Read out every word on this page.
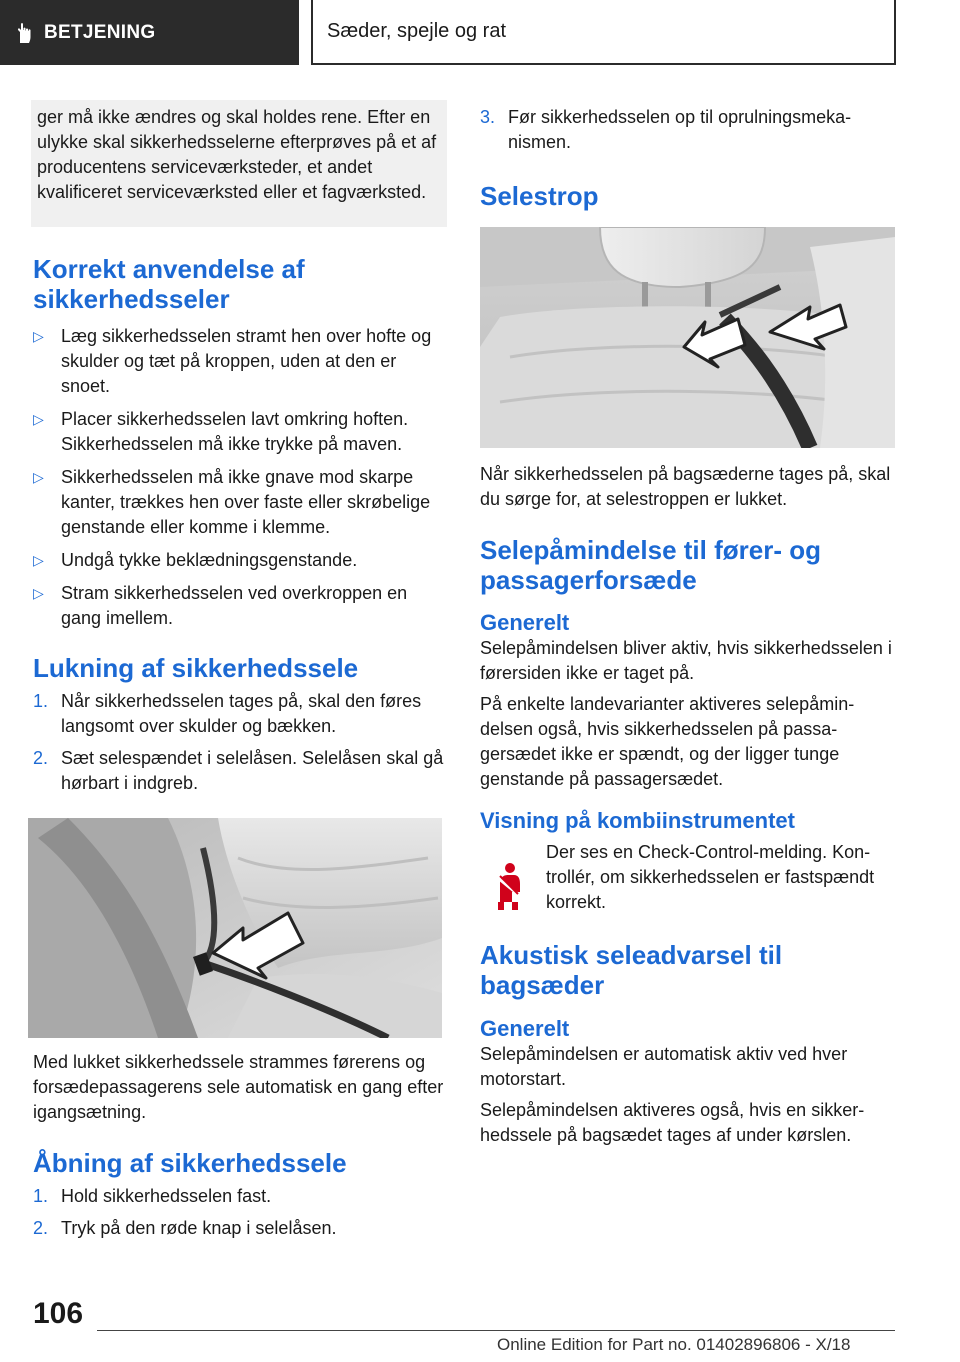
BETJENING	Sæder, spejle og rat

ger må ikke ændres og skal holdes rene. Efter en ulykke skal sikkerhedsselerne efterprøves på et af producentens serviceværksteder, et andet kvalificeret serviceværksted eller et fagværksted.

Korrekt anvendelse af sikkerhedsseler
▷ Læg sikkerhedsselen stramt hen over hofte og skulder og tæt på kroppen, uden at den er snoet.
▷ Placer sikkerhedsselen lavt omkring hoften. Sikkerhedsselen må ikke trykke på maven.
▷ Sikkerhedsselen må ikke gnave mod skarpe kanter, trækkes hen over faste eller skrøbelige genstande eller komme i klemme.
▷ Undgå tykke beklædningsgenstande.
▷ Stram sikkerhedsselen ved overkroppen en gang imellem.
Lukning af sikkerhedssele
1. Når sikkerhedsselen tages på, skal den føres langsomt over skulder og bækken.
2. Sæt selespændet i selelåsen. Selelåsen skal gå hørbart i indgreb.

Med lukket sikkerhedssele strammes førerens og forsædepassagerens sele automatisk en gang efter igangsætning.

Åbning af sikkerhedssele
1. Hold sikkerhedsselen fast.
2. Tryk på den røde knap i selelåsen.
3. Før sikkerhedsselen op til oprulningsmekanismen.
Selestrop

Når sikkerhedsselen på bagsæderne tages på, skal du sørge for, at selestroppen er lukket.

Selepåmindelse til fører- og passagerforsæde
Generelt

Selepåmindelsen bliver aktiv, hvis sikkerhedsselen i førersiden ikke er taget på.

På enkelte landevarianter aktiveres selepåmindelsen også, hvis sikkerhedsselen på passagersædet ikke er spændt, og der ligger tunge genstande på passagersædet.

Visning på kombiinstrumentet

Der ses en Check-Control-melding. Kontrollér, om sikkerhedsselen er fastspændt korrekt.

Akustisk seleadvarsel til bagsæder
Generelt

Selepåmindelsen er automatisk aktiv ved hver motorstart.

Selepåmindelsen aktiveres også, hvis en sikkerhedssele på bagsædet tages af under kørslen.

106
Online Edition for Part no. 01402896806 - X/18
